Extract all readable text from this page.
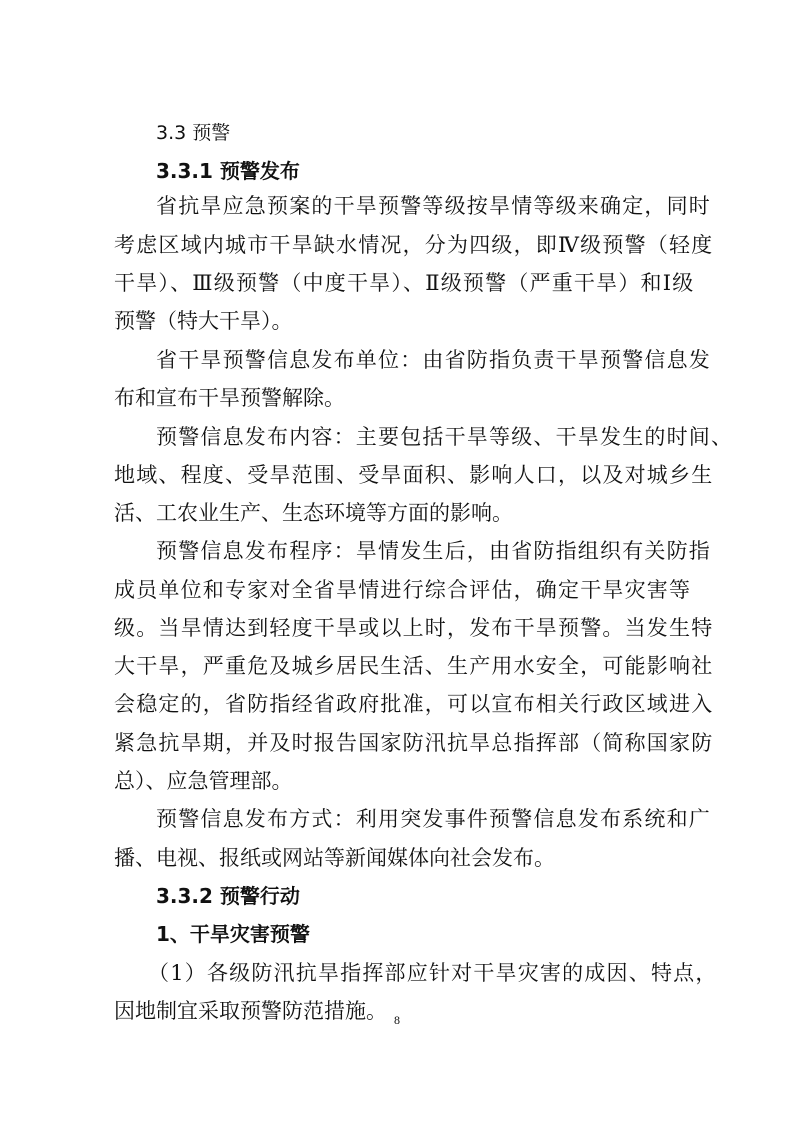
3.3 预警
3.3.1 预警发布
省抗旱应急预案的干旱预警等级按旱情等级来确定，同时
考虑区域内城市干旱缺水情况，分为四级，即Ⅳ级预警（轻度
干旱）、Ⅲ级预警（中度干旱）、Ⅱ级预警（严重干旱）和Ⅰ级
预警（特大干旱）。
省干旱预警信息发布单位：由省防指负责干旱预警信息发
布和宣布干旱预警解除。
预警信息发布内容：主要包括干旱等级、干旱发生的时间、
地域、程度、受旱范围、受旱面积、影响人口，以及对城乡生
活、工农业生产、生态环境等方面的影响。
预警信息发布程序：旱情发生后，由省防指组织有关防指
成员单位和专家对全省旱情进行综合评估，确定干旱灾害等
级。当旱情达到轻度干旱或以上时，发布干旱预警。当发生特
大干旱，严重危及城乡居民生活、生产用水安全，可能影响社
会稳定的，省防指经省政府批准，可以宣布相关行政区域进入
紧急抗旱期，并及时报告国家防汛抗旱总指挥部（简称国家防
总）、应急管理部。
预警信息发布方式：利用突发事件预警信息发布系统和广
播、电视、报纸或网站等新闻媒体向社会发布。
3.3.2 预警行动
1、干旱灾害预警
（1）各级防汛抗旱指挥部应针对干旱灾害的成因、特点，
因地制宜采取预警防范措施。 8
